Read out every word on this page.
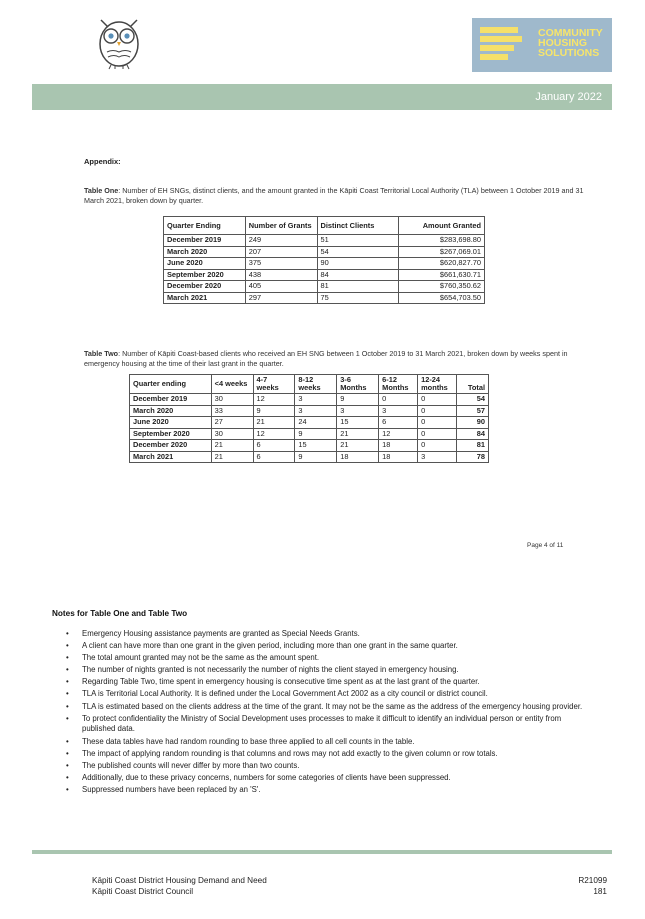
COMMUNITY
HOUSING
SOLUTIONS
January 2022
Appendix:
Table One: Number of EH SNGs, distinct clients, and the amount granted in the Kāpiti Coast Territorial Local Authority (TLA) between 1 October 2019 and 31 March 2021, broken down by quarter.
Quarter Ending	Number of Grants	Distinct Clients	Amount Granted
December 2019	249	51	$283,698.80
March 2020	207	54	$267,069.01
June 2020	375	90	$620,827.70
September 2020	438	84	$661,630.71
December 2020	405	81	$760,350.62
March 2021	297	75	$654,703.50
Table Two: Number of Kāpiti Coast-based clients who received an EH SNG between 1 October 2019 to 31 March 2021, broken down by weeks spent in emergency housing at the time of their last grant in the quarter.
Quarter ending	<4 weeks	4-7 weeks	8-12 weeks	3-6 Months	6-12 Months	12-24 months	Total
December 2019	30	12	3	9	0	0	54
March 2020	33	9	3	3	3	0	57
June 2020	27	21	24	15	6	0	90
September 2020	30	12	9	21	12	0	84
December 2020	21	6	15	21	18	0	81
March 2021	21	6	9	18	18	3	78
Page 4 of 11
Notes for Table One and Table Two
• Emergency Housing assistance payments are granted as Special Needs Grants.
• A client can have more than one grant in the given period, including more than one grant in the same quarter.
• The total amount granted may not be the same as the amount spent.
• The number of nights granted is not necessarily the number of nights the client stayed in emergency housing.
• Regarding Table Two, time spent in emergency housing is consecutive time spent as at the last grant of the quarter.
• TLA is Territorial Local Authority. It is defined under the Local Government Act 2002 as a city council or district council.
• TLA is estimated based on the clients address at the time of the grant. It may not be the same as the address of the emergency housing provider.
• To protect confidentiality the Ministry of Social Development uses processes to make it difficult to identify an individual person or entity from published data.
• These data tables have had random rounding to base three applied to all cell counts in the table.
• The impact of applying random rounding is that columns and rows may not add exactly to the given column or row totals.
• The published counts will never differ by more than two counts.
• Additionally, due to these privacy concerns, numbers for some categories of clients have been suppressed.
• Suppressed numbers have been replaced by an 'S'.
Kāpiti Coast District Housing Demand and Need
Kāpiti Coast District Council
R21099
181
